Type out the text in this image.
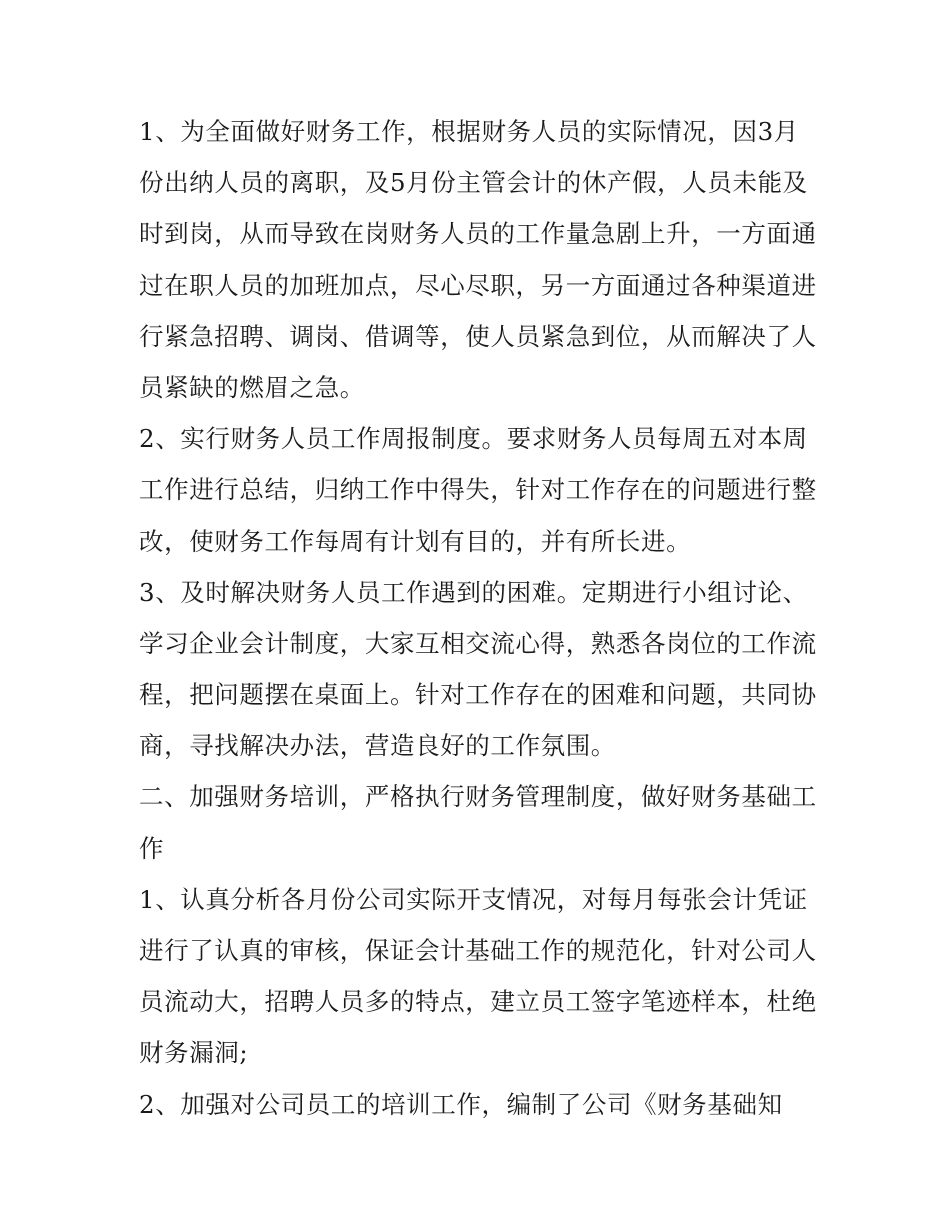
1、为全面做好财务工作，根据财务人员的实际情况，因3月
份出纳人员的离职，及5月份主管会计的休产假，人员未能及
时到岗，从而导致在岗财务人员的工作量急剧上升，一方面通
过在职人员的加班加点，尽心尽职，另一方面通过各种渠道进
行紧急招聘、调岗、借调等，使人员紧急到位，从而解决了人
员紧缺的燃眉之急。
2、实行财务人员工作周报制度。要求财务人员每周五对本周
工作进行总结，归纳工作中得失，针对工作存在的问题进行整
改，使财务工作每周有计划有目的，并有所长进。
3、及时解决财务人员工作遇到的困难。定期进行小组讨论、
学习企业会计制度，大家互相交流心得，熟悉各岗位的工作流
程，把问题摆在桌面上。针对工作存在的困难和问题，共同协
商，寻找解决办法，营造良好的工作氛围。
二、加强财务培训，严格执行财务管理制度，做好财务基础工
作
1、认真分析各月份公司实际开支情况，对每月每张会计凭证
进行了认真的审核，保证会计基础工作的规范化，针对公司人
员流动大，招聘人员多的特点，建立员工签字笔迹样本，杜绝
财务漏洞;
2、加强对公司员工的培训工作，编制了公司《财务基础知
